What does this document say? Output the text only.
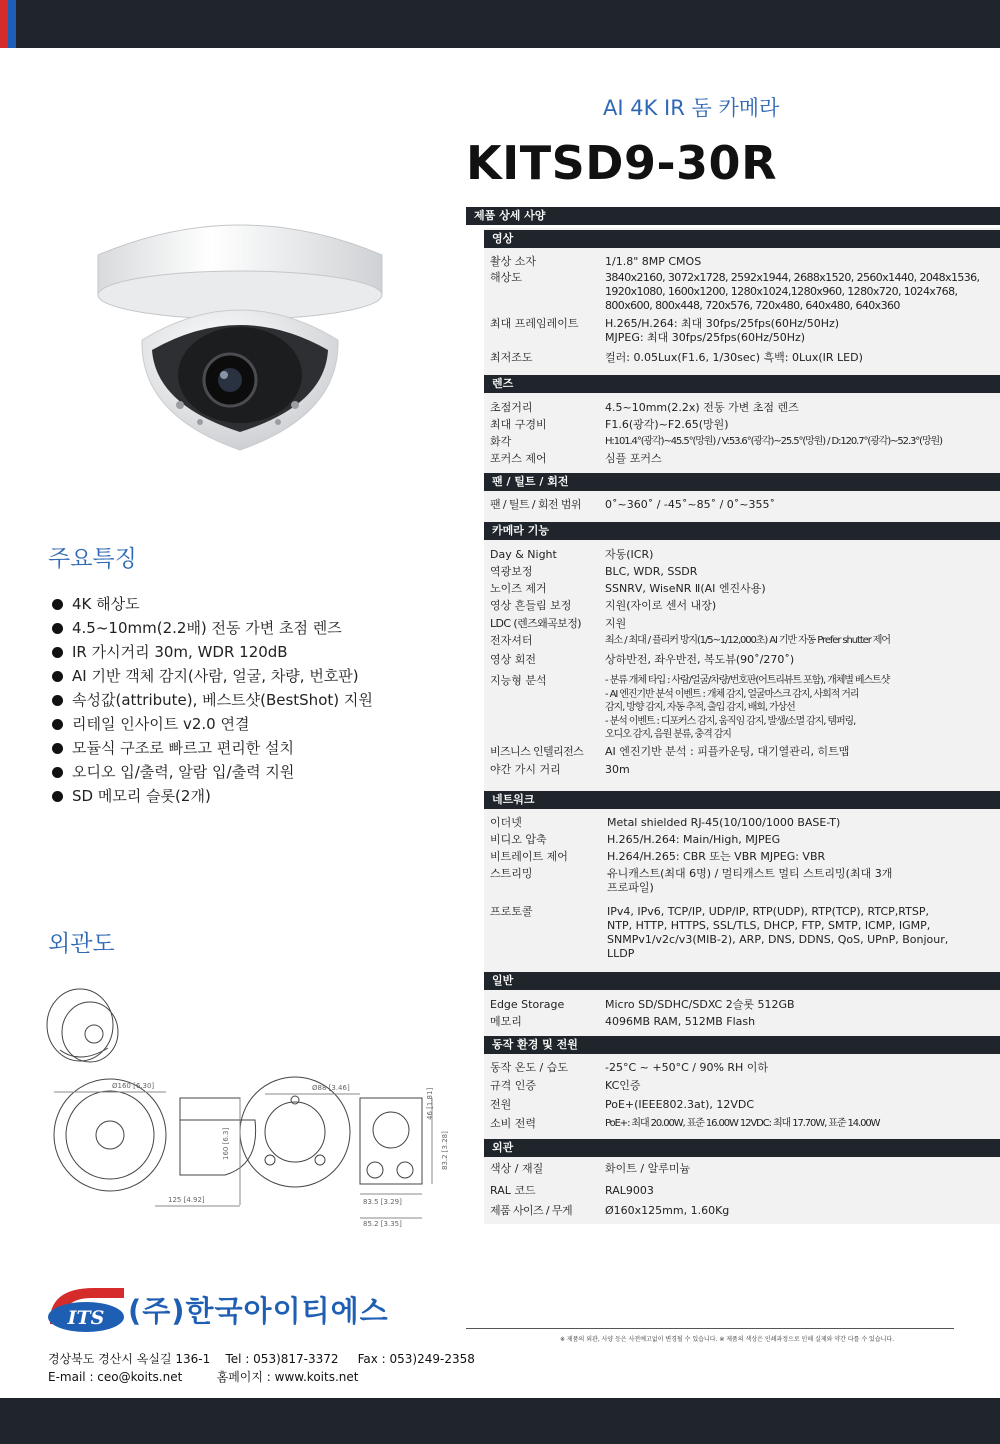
AI 4K IR 돔 카메라
KITSD9-30R
주요특징
4K 해상도
4.5~10mm(2.2배) 전동 가변 초점 렌즈
IR 가시거리 30m, WDR 120dB
AI 기반 객체 감지(사람, 얼굴, 차량, 번호판)
속성값(attribute), 베스트샷(BestShot) 지원
리테일 인사이트 v2.0 연결
모듈식 구조로 빠르고 편리한 설치
오디오 입/출력, 알람 입/출력 지원
SD 메모리 슬롯(2개)
외관도
Ø160 [6.30]
160 [6.3]
125 [4.92]
Ø88 [3.46]	46 [1.81]
83.2 [3.28]
83.5 [3.29]
85.2 [3.35]
제품 상세 사양
영상
촬상 소자	1/1.8" 8MP CMOS
해상도	3840x2160, 3072x1728, 2592x1944, 2688x1520, 2560x1440, 2048x1536,
1920x1080, 1600x1200, 1280x1024,1280x960, 1280x720, 1024x768,
800x600, 800x448, 720x576, 720x480, 640x480, 640x360
최대 프레임레이트	H.265/H.264: 최대 30fps/25fps(60Hz/50Hz)
MJPEG: 최대 30fps/25fps(60Hz/50Hz)
최저조도	컬러: 0.05Lux(F1.6, 1/30sec) 흑백: 0Lux(IR LED)
렌즈
초점거리	4.5~10mm(2.2x) 전동 가변 초점 렌즈
최대 구경비	F1.6(광각)~F2.65(망원)
화각	H:101.4°(광각)~45.5°(망원) / V:53.6°(광각)~25.5°(망원) / D:120.7°(광각)~52.3°(망원)
포커스 제어	심플 포커스
팬 / 틸트 / 회전
팬 / 틸트 / 회전 범위	0˚~360˚ / -45˚~85˚ / 0˚~355˚
카메라 기능
Day & Night	자동(ICR)
역광보정	BLC, WDR, SSDR
노이즈 제거	SSNRⅤ, WiseNR Ⅱ(AI 엔진사용)
영상 흔들림 보정	지원(자이로 센서 내장)
LDC (렌즈왜곡보정)	지원
전자셔터	최소 / 최대 / 플리커 방지(1/5~1/12,000초) AI 기반 자동 Prefer shutter 제어
영상 회전	상하반전, 좌우반전, 복도뷰(90˚/270˚)
지능형 분석	- 분류 개체 타입 : 사람/얼굴/차량/번호판(어트리뷰트 포함), 개체별 베스트샷
- AI 엔진기반 분석 이벤트 : 개체 감지, 얼굴마스크 감지, 사회적 거리
감지, 방향 감지, 자동 추적, 출입 감지, 배회, 가상선
- 분석 이벤트 : 디포커스 감지, 움직임 감지, 발생/소멸 감지, 템퍼링,
오디오 감지, 음원 분류, 충격 감지
비즈니스 인텔리전스	AI 엔진기반 분석 : 피플카운팅, 대기열관리, 히트맵
야간 가시 거리	30m
네트워크
이더넷	Metal shielded RJ-45(10/100/1000 BASE-T)
비디오 압축	H.265/H.264: Main/High, MJPEG
비트레이트 제어	H.264/H.265: CBR 또는 VBR MJPEG: VBR
스트리밍	유니캐스트(최대 6명) / 멀티캐스트 멀티 스트리밍(최대 3개
프로파일)
프로토콜	IPv4, IPv6, TCP/IP, UDP/IP, RTP(UDP), RTP(TCP), RTCP,RTSP,
NTP, HTTP, HTTPS, SSL/TLS, DHCP, FTP, SMTP, ICMP, IGMP,
SNMPv1/v2c/v3(MIB-2), ARP, DNS, DDNS, QoS, UPnP, Bonjour,
LLDP
일반
Edge Storage	Micro SD/SDHC/SDXC 2슬롯 512GB
메모리	4096MB RAM, 512MB Flash
동작 환경 및 전원
동작 온도 / 습도	-25°C ~ +50°C / 90% RH 이하
규격 인증	KC인증
전원	PoE+(IEEE802.3at), 12VDC
소비 전력	PoE+: 최대 20.00W, 표준 16.00W 12VDC: 최대 17.70W, 표준 14.00W
외관
색상 / 재질	화이트 / 알루미늄
RAL 코드	RAL9003
제품 사이즈 / 무게	Ø160x125mm, 1.60Kg
※ 제품의 외관, 사양 등은 사전예고없이 변경될 수 있습니다. ※ 제품의 색상은 인쇄과정으로 인해 실제와 약간 다를 수 있습니다.
ITS (주)한국아이티에스
경상북도 경산시 옥실길 136-1    Tel : 053)817-3372     Fax : 053)249-2358
E-mail : ceo@koits.net         홈페이지 : www.koits.net
